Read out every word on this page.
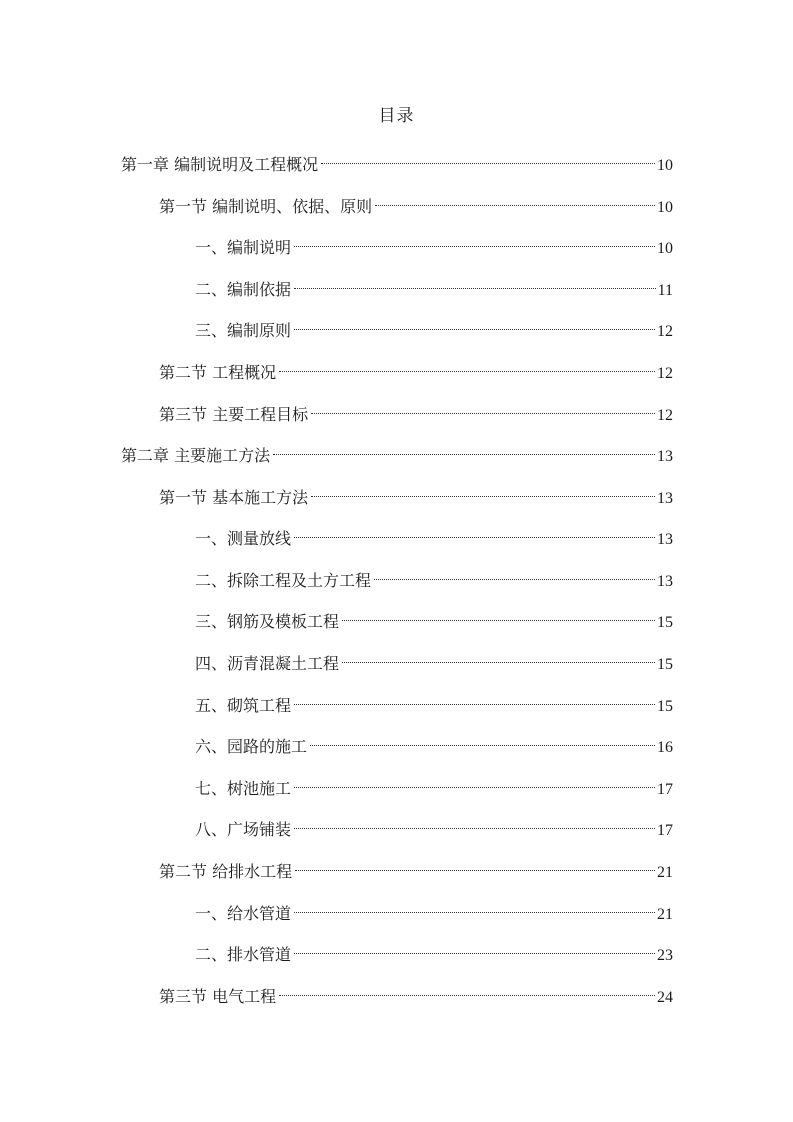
目录
第一章 编制说明及工程概况	10
第一节 编制说明、依据、原则	10
一、编制说明	10
二、编制依据	11
三、编制原则	12
第二节 工程概况	12
第三节 主要工程目标	12
第二章 主要施工方法	13
第一节 基本施工方法	13
一、测量放线	13
二、拆除工程及土方工程	13
三、钢筋及模板工程	15
四、沥青混凝土工程	15
五、砌筑工程	15
六、园路的施工	16
七、树池施工	17
八、广场铺装	17
第二节 给排水工程	21
一、给水管道	21
二、排水管道	23
第三节 电气工程	24
